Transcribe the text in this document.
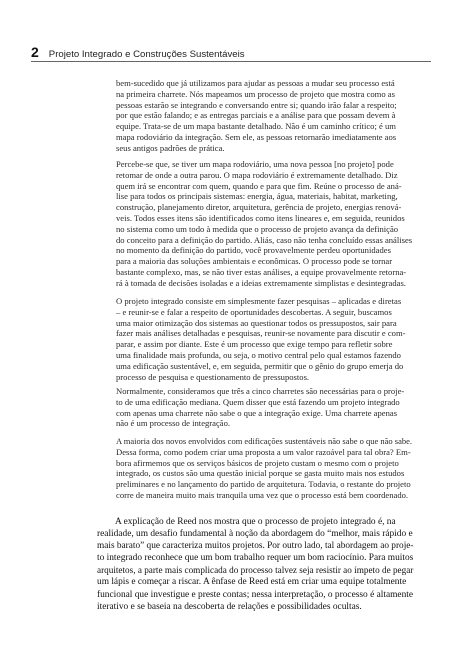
2 Projeto Integrado e Construções Sustentáveis
bem-sucedido que já utilizamos para ajudar as pessoas a mudar seu processo está
na primeira charrete. Nós mapeamos um processo de projeto que mostra como as
pessoas estarão se integrando e conversando entre si; quando irão falar a respeito;
por que estão falando; e as entregas parciais e a análise para que possam devem à
equipe. Trata-se de um mapa bastante detalhado. Não é um caminho crítico; é um
mapa rodoviário da integração. Sem ele, as pessoas retornarão imediatamente aos
seus antigos padrões de prática.
Percebe-se que, se tiver um mapa rodoviário, uma nova pessoa [no projeto] pode
retomar de onde a outra parou. O mapa rodoviário é extremamente detalhado. Diz
quem irá se encontrar com quem, quando e para que fim. Reúne o processo de aná-
lise para todos os principais sistemas: energia, água, materiais, habitat, marketing,
construção, planejamento diretor, arquitetura, gerência de projeto, energias renová-
veis. Todos esses itens são identificados como itens lineares e, em seguida, reunidos
no sistema como um todo à medida que o processo de projeto avança da definição
do conceito para a definição do partido. Aliás, caso não tenha concluído essas análises
no momento da definição do partido, você provavelmente perdeu oportunidades
para a maioria das soluções ambientais e econômicas. O processo pode se tornar
bastante complexo, mas, se não tiver estas análises, a equipe provavelmente retorna-
rá à tomada de decisões isoladas e a ideias extremamente simplistas e desintegradas.
O projeto integrado consiste em simplesmente fazer pesquisas – aplicadas e diretas
– e reunir-se e falar a respeito de oportunidades descobertas. A seguir, buscamos
uma maior otimização dos sistemas ao questionar todos os pressupostos, sair para
fazer mais análises detalhadas e pesquisas, reunir-se novamente para discutir e com-
parar, e assim por diante. Este é um processo que exige tempo para refletir sobre
uma finalidade mais profunda, ou seja, o motivo central pelo qual estamos fazendo
uma edificação sustentável, e, em seguida, permitir que o gênio do grupo emerja do
processo de pesquisa e questionamento de pressupostos.
Normalmente, consideramos que três a cinco charretes são necessárias para o proje-
to de uma edificação mediana. Quem disser que está fazendo um projeto integrado
com apenas uma charrete não sabe o que a integração exige. Uma charrete apenas
não é um processo de integração.
A maioria dos novos envolvidos com edificações sustentáveis não sabe o que não sabe.
Dessa forma, como podem criar uma proposta a um valor razoável para tal obra? Em-
bora afirmemos que os serviços básicos de projeto custam o mesmo com o projeto
integrado, os custos são uma questão inicial porque se gasta muito mais nos estudos
preliminares e no lançamento do partido de arquitetura. Todavia, o restante do projeto
corre de maneira muito mais tranquila uma vez que o processo está bem coordenado.
A explicação de Reed nos mostra que o processo de projeto integrado é, na
realidade, um desafio fundamental à noção da abordagem do “melhor, mais rápido e
mais barato” que caracteriza muitos projetos. Por outro lado, tal abordagem ao proje-
to integrado reconhece que um bom trabalho requer um bom raciocínio. Para muitos
arquitetos, a parte mais complicada do processo talvez seja resistir ao ímpeto de pegar
um lápis e começar a riscar. A ênfase de Reed está em criar uma equipe totalmente
funcional que investigue e preste contas; nessa interpretação, o processo é altamente
iterativo e se baseia na descoberta de relações e possibilidades ocultas.
